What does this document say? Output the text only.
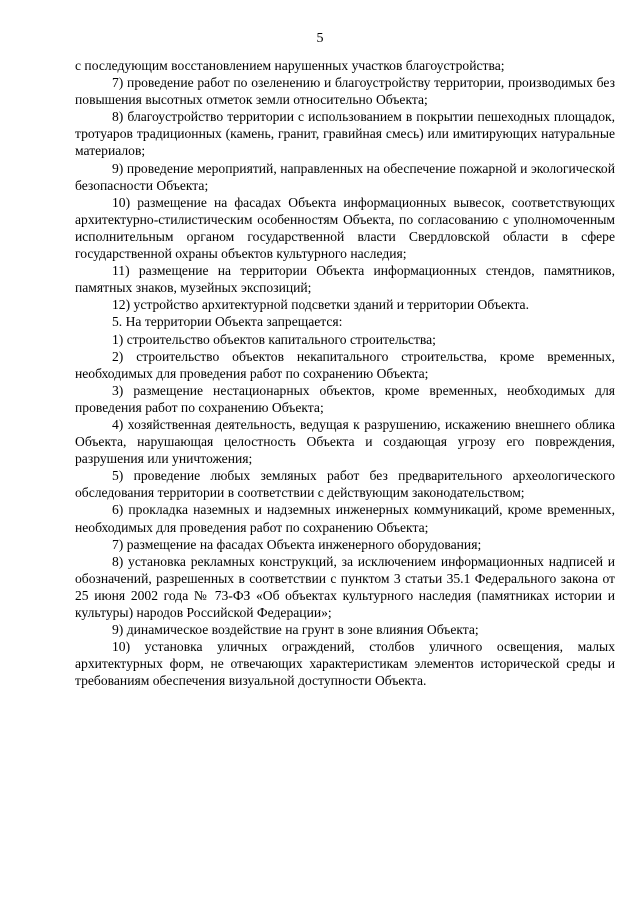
5

с последующим восстановлением нарушенных участков благоустройства;

7) проведение работ по озеленению и благоустройству территории, производимых без повышения высотных отметок земли относительно Объекта;

8) благоустройство территории с использованием в покрытии пешеходных площадок, тротуаров традиционных (камень, гранит, гравийная смесь) или имитирующих натуральные материалов;

9) проведение мероприятий, направленных на обеспечение пожарной и экологической безопасности Объекта;

10) размещение на фасадах Объекта информационных вывесок, соответствующих архитектурно-стилистическим особенностям Объекта, по согласованию с уполномоченным исполнительным органом государственной власти Свердловской области в сфере государственной охраны объектов культурного наследия;

11) размещение на территории Объекта информационных стендов, памятников, памятных знаков, музейных экспозиций;

12) устройство архитектурной подсветки зданий и территории Объекта.

5. На территории Объекта запрещается:

1) строительство объектов капитального строительства;

2) строительство объектов некапитального строительства, кроме временных, необходимых для проведения работ по сохранению Объекта;

3) размещение нестационарных объектов, кроме временных, необходимых для проведения работ по сохранению Объекта;

4) хозяйственная деятельность, ведущая к разрушению, искажению внешнего облика Объекта, нарушающая целостность Объекта и создающая угрозу его повреждения, разрушения или уничтожения;

5) проведение любых земляных работ без предварительного археологического обследования территории в соответствии с действующим законодательством;

6) прокладка наземных и надземных инженерных коммуникаций, кроме временных, необходимых для проведения работ по сохранению Объекта;

7) размещение на фасадах Объекта инженерного оборудования;

8) установка рекламных конструкций, за исключением информационных надписей и обозначений, разрешенных в соответствии с пунктом 3 статьи 35.1 Федерального закона от 25 июня 2002 года № 73-ФЗ «Об объектах культурного наследия (памятниках истории и культуры) народов Российской Федерации»;

9) динамическое воздействие на грунт в зоне влияния Объекта;

10) установка уличных ограждений, столбов уличного освещения, малых архитектурных форм, не отвечающих характеристикам элементов исторической среды и требованиям обеспечения визуальной доступности Объекта.
